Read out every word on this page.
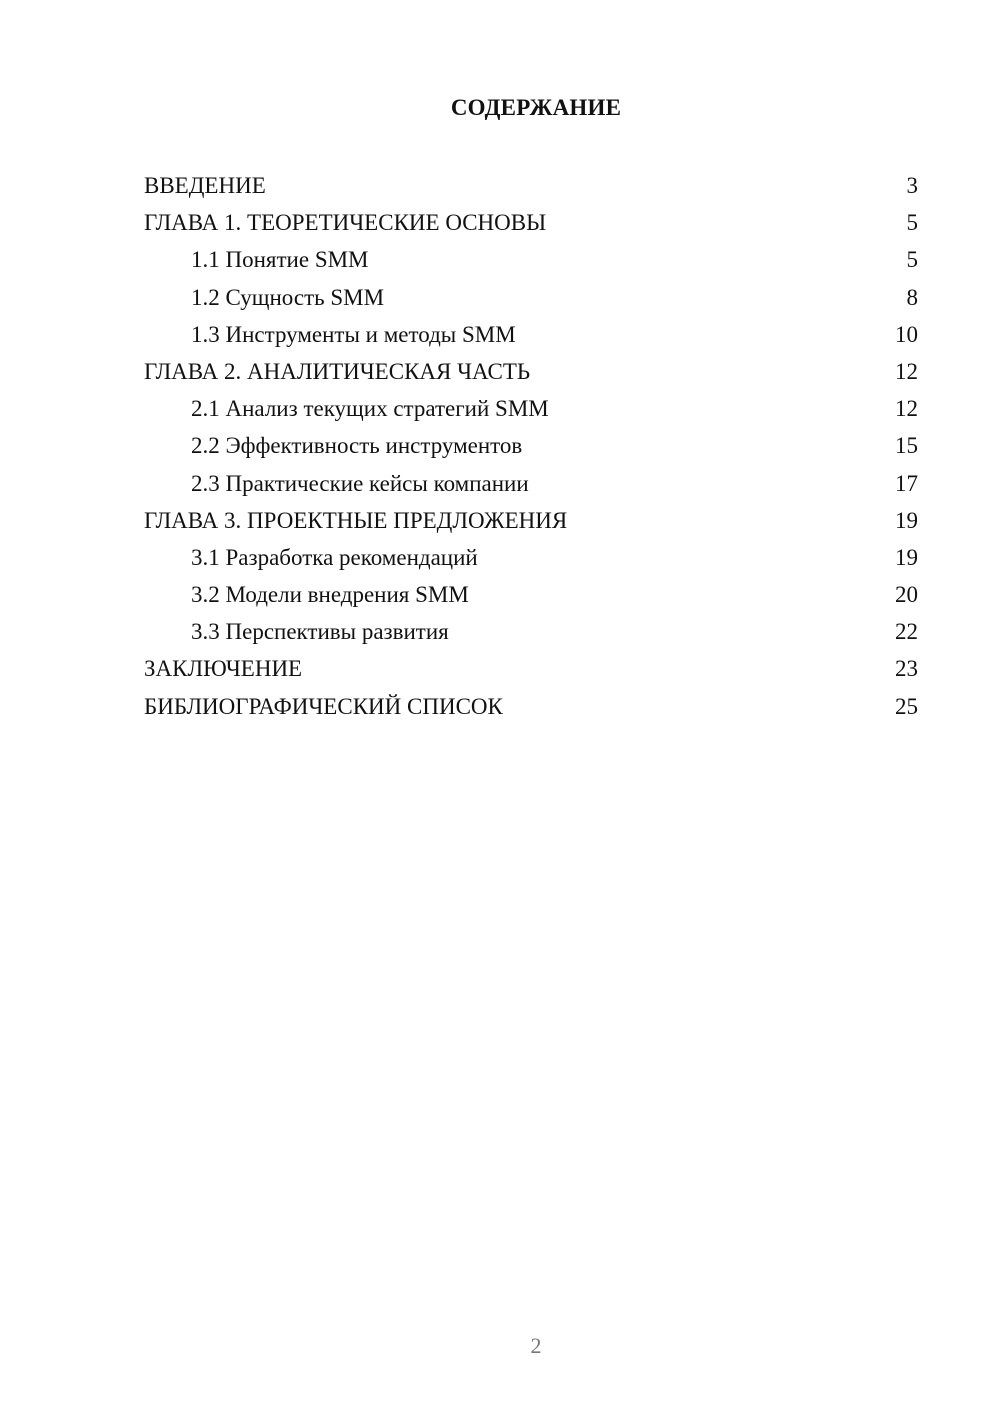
СОДЕРЖАНИЕ
ВВЕДЕНИЕ	3
ГЛАВА 1. ТЕОРЕТИЧЕСКИЕ ОСНОВЫ	5
1.1 Понятие SMM	5
1.2 Сущность SMM	8
1.3 Инструменты и методы SMM	10
ГЛАВА 2. АНАЛИТИЧЕСКАЯ ЧАСТЬ	12
2.1 Анализ текущих стратегий SMM	12
2.2 Эффективность инструментов	15
2.3 Практические кейсы компании	17
ГЛАВА 3. ПРОЕКТНЫЕ ПРЕДЛОЖЕНИЯ	19
3.1 Разработка рекомендаций	19
3.2 Модели внедрения SMM	20
3.3 Перспективы развития	22
ЗАКЛЮЧЕНИЕ	23
БИБЛИОГРАФИЧЕСКИЙ СПИСОК	25
2
